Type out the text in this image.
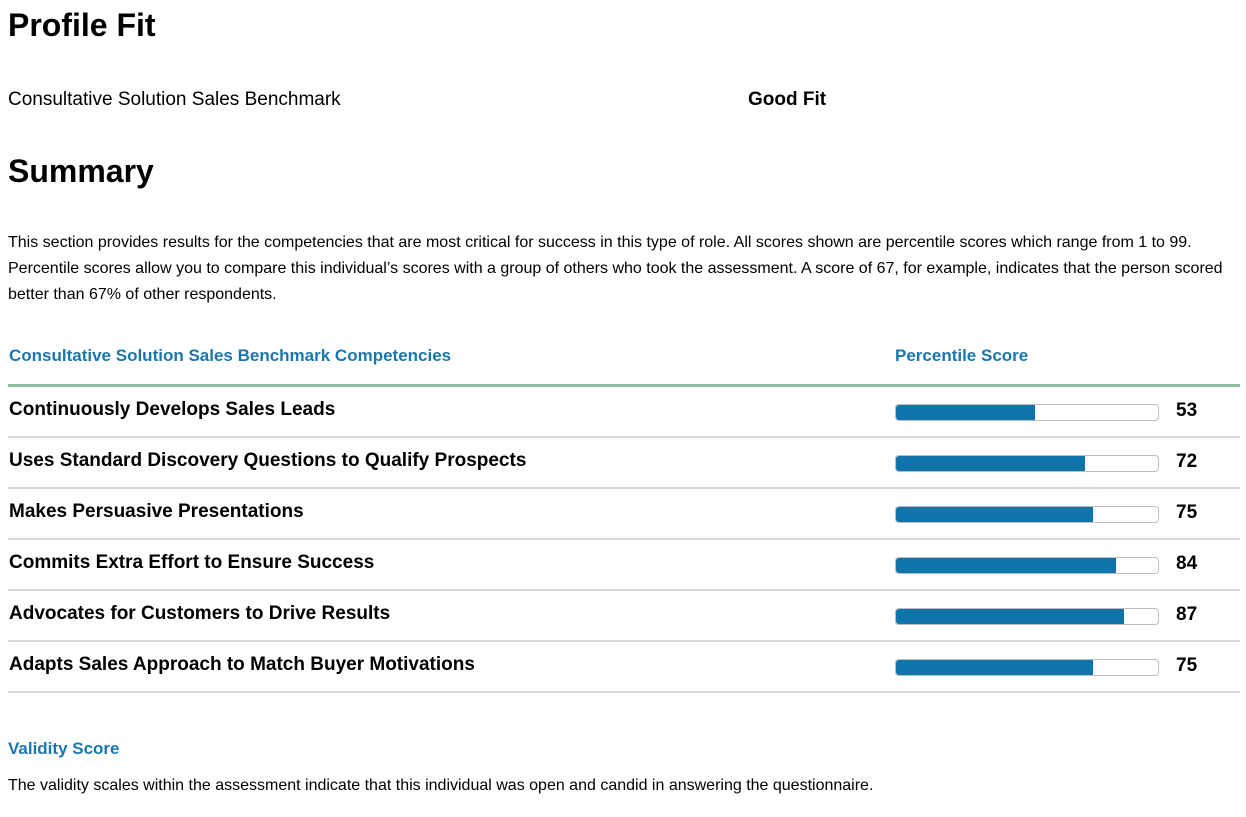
Profile Fit
Consultative Solution Sales Benchmark	Good Fit
Summary
This section provides results for the competencies that are most critical for success in this type of role. All scores shown are percentile scores which range from 1 to 99. Percentile scores allow you to compare this individual’s scores with a group of others who took the assessment. A score of 67, for example, indicates that the person scored better than 67% of other respondents.
Consultative Solution Sales Benchmark Competencies	Percentile Score
Continuously Develops Sales Leads	53
Uses Standard Discovery Questions to Qualify Prospects	72
Makes Persuasive Presentations	75
Commits Extra Effort to Ensure Success	84
Advocates for Customers to Drive Results	87
Adapts Sales Approach to Match Buyer Motivations	75
Validity Score
The validity scales within the assessment indicate that this individual was open and candid in answering the questionnaire.
